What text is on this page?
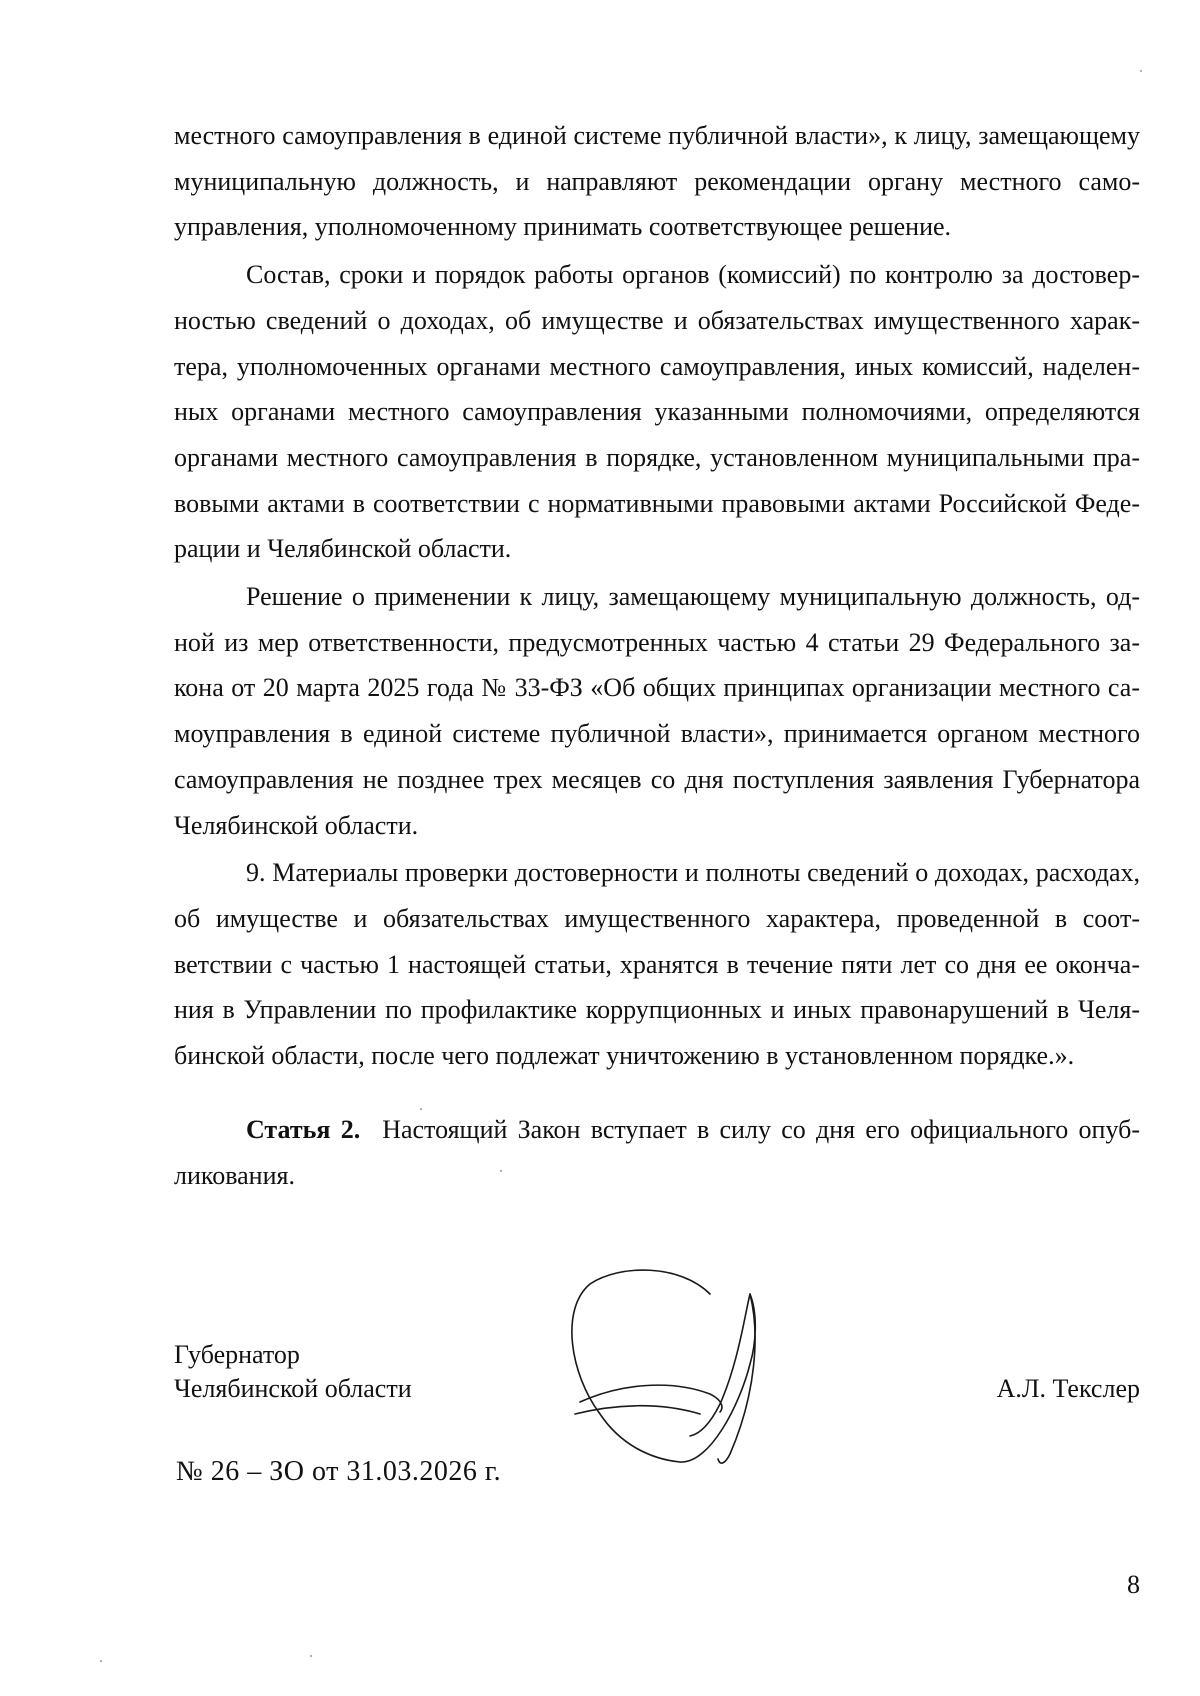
местного самоуправления в единой системе публичной власти», к лицу, замещающему муниципальную должность, и направляют рекомендации органу местного самоуправления, уполномоченному принимать соответствующее решение.

Состав, сроки и порядок работы органов (комиссий) по контролю за достоверностью сведений о доходах, об имуществе и обязательствах имущественного характера, уполномоченных органами местного самоуправления, иных комиссий, наделенных органами местного самоуправления указанными полномочиями, определяются органами местного самоуправления в порядке, установленном муниципальными правовыми актами в соответствии с нормативными правовыми актами Российской Федерации и Челябинской области.

Решение о применении к лицу, замещающему муниципальную должность, одной из мер ответственности, предусмотренных частью 4 статьи 29 Федерального закона от 20 марта 2025 года № 33-ФЗ «Об общих принципах организации местного самоуправления в единой системе публичной власти», принимается органом местного самоуправления не позднее трех месяцев со дня поступления заявления Губернатора Челябинской области.

9. Материалы проверки достоверности и полноты сведений о доходах, расходах, об имуществе и обязательствах имущественного характера, проведенной в соответствии с частью 1 настоящей статьи, хранятся в течение пяти лет со дня ее окончания в Управлении по профилактике коррупционных и иных правонарушений в Челябинской области, после чего подлежат уничтожению в установленном порядке.».

Статья 2. Настоящий Закон вступает в силу со дня его официального опубликования.
Губернатор
Челябинской области	А.Л. Текслер
№ 26 – ЗО от 31.03.2026 г.
8
